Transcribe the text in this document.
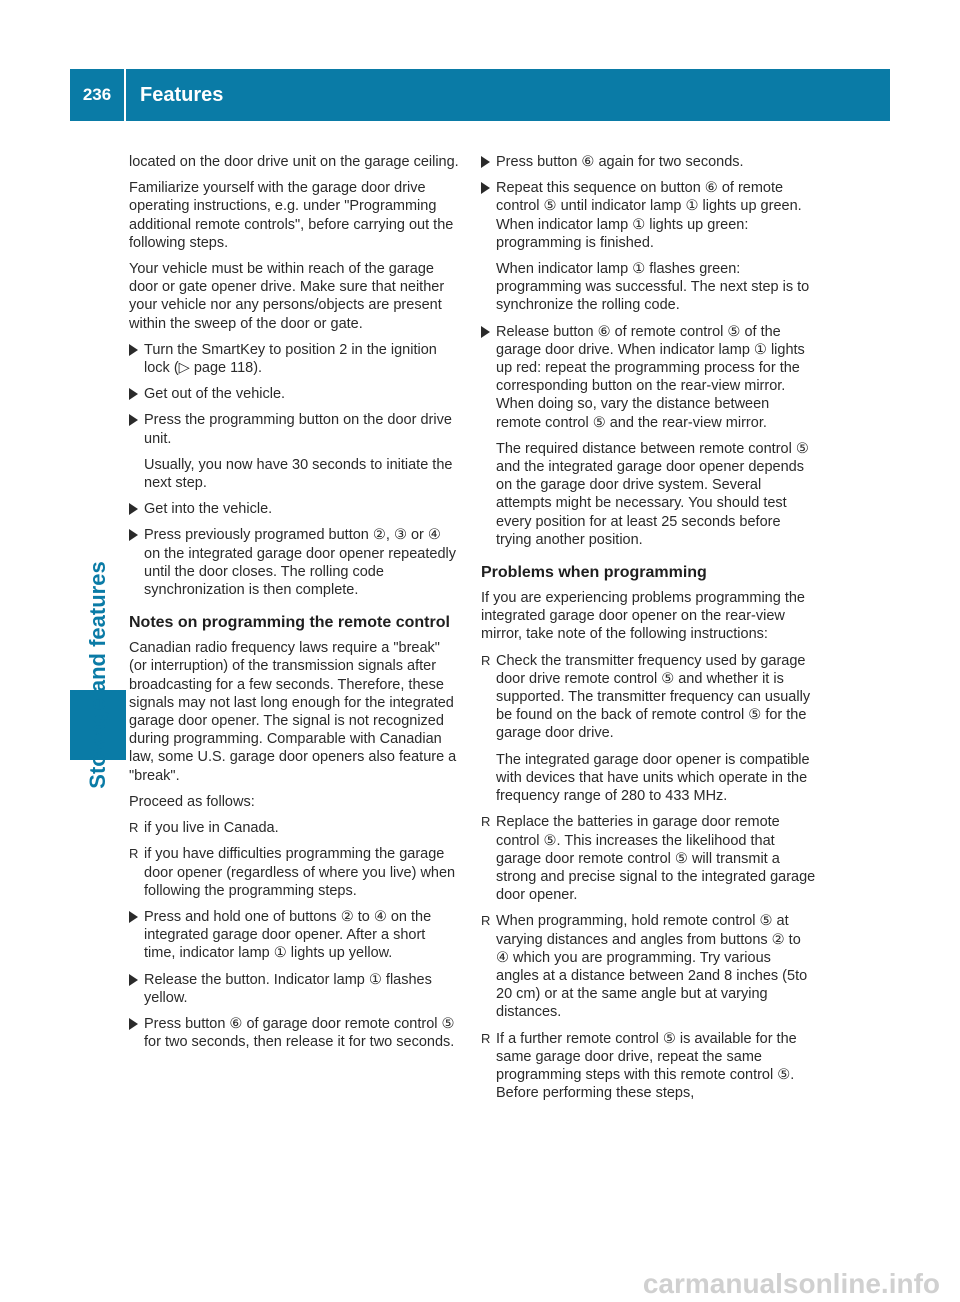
236	Features
Stowage and features

located on the door drive unit on the garage ceiling.

Familiarize yourself with the garage door drive operating instructions, e.g. under "Programming additional remote controls", before carrying out the following steps.

Your vehicle must be within reach of the garage door or gate opener drive. Make sure that neither your vehicle nor any persons/objects are present within the sweep of the door or gate.

Turn the SmartKey to position 2 in the ignition lock (▷ page 118).
Get out of the vehicle.
Press the programming button on the door drive unit.

Usually, you now have 30 seconds to initiate the next step.

Get into the vehicle.
Press previously programed button ②, ③ or ④ on the integrated garage door opener repeatedly until the door closes. The rolling code synchronization is then complete.
Notes on programming the remote control

Canadian radio frequency laws require a "break" (or interruption) of the transmission signals after broadcasting for a few seconds. Therefore, these signals may not last long enough for the integrated garage door opener. The signal is not recognized during programming. Comparable with Canadian law, some U.S. garage door openers also feature a "break".

Proceed as follows:

R if you live in Canada.
R if you have difficulties programming the garage door opener (regardless of where you live) when following the programming steps.
Press and hold one of buttons ② to ④ on the integrated garage door opener. After a short time, indicator lamp ① lights up yellow.
Release the button. Indicator lamp ① flashes yellow.
Press button ⑥ of garage door remote control ⑤ for two seconds, then release it for two seconds.
Press button ⑥ again for two seconds.
Repeat this sequence on button ⑥ of remote control ⑤ until indicator lamp ① lights up green. When indicator lamp ① lights up green: programming is finished.

When indicator lamp ① flashes green: programming was successful. The next step is to synchronize the rolling code.

Release button ⑥ of remote control ⑤ of the garage door drive. When indicator lamp ① lights up red: repeat the programming process for the corresponding button on the rear-view mirror. When doing so, vary the distance between remote control ⑤ and the rear-view mirror.

The required distance between remote control ⑤ and the integrated garage door opener depends on the garage door drive system. Several attempts might be necessary. You should test every position for at least 25 seconds before trying another position.

Problems when programming

If you are experiencing problems programming the integrated garage door opener on the rear-view mirror, take note of the following instructions:

R Check the transmitter frequency used by garage door drive remote control ⑤ and whether it is supported. The transmitter frequency can usually be found on the back of remote control ⑤ for the garage door drive.

The integrated garage door opener is compatible with devices that have units which operate in the frequency range of 280 to 433 MHz.

R Replace the batteries in garage door remote control ⑤. This increases the likelihood that garage door remote control ⑤ will transmit a strong and precise signal to the integrated garage door opener.
R When programming, hold remote control ⑤ at varying distances and angles from buttons ② to ④ which you are programming. Try various angles at a distance between 2and 8 inches (5to 20 cm) or at the same angle but at varying distances.
R If a further remote control ⑤ is available for the same garage door drive, repeat the same programming steps with this remote control ⑤. Before performing these steps,
carmanualsonline.info
